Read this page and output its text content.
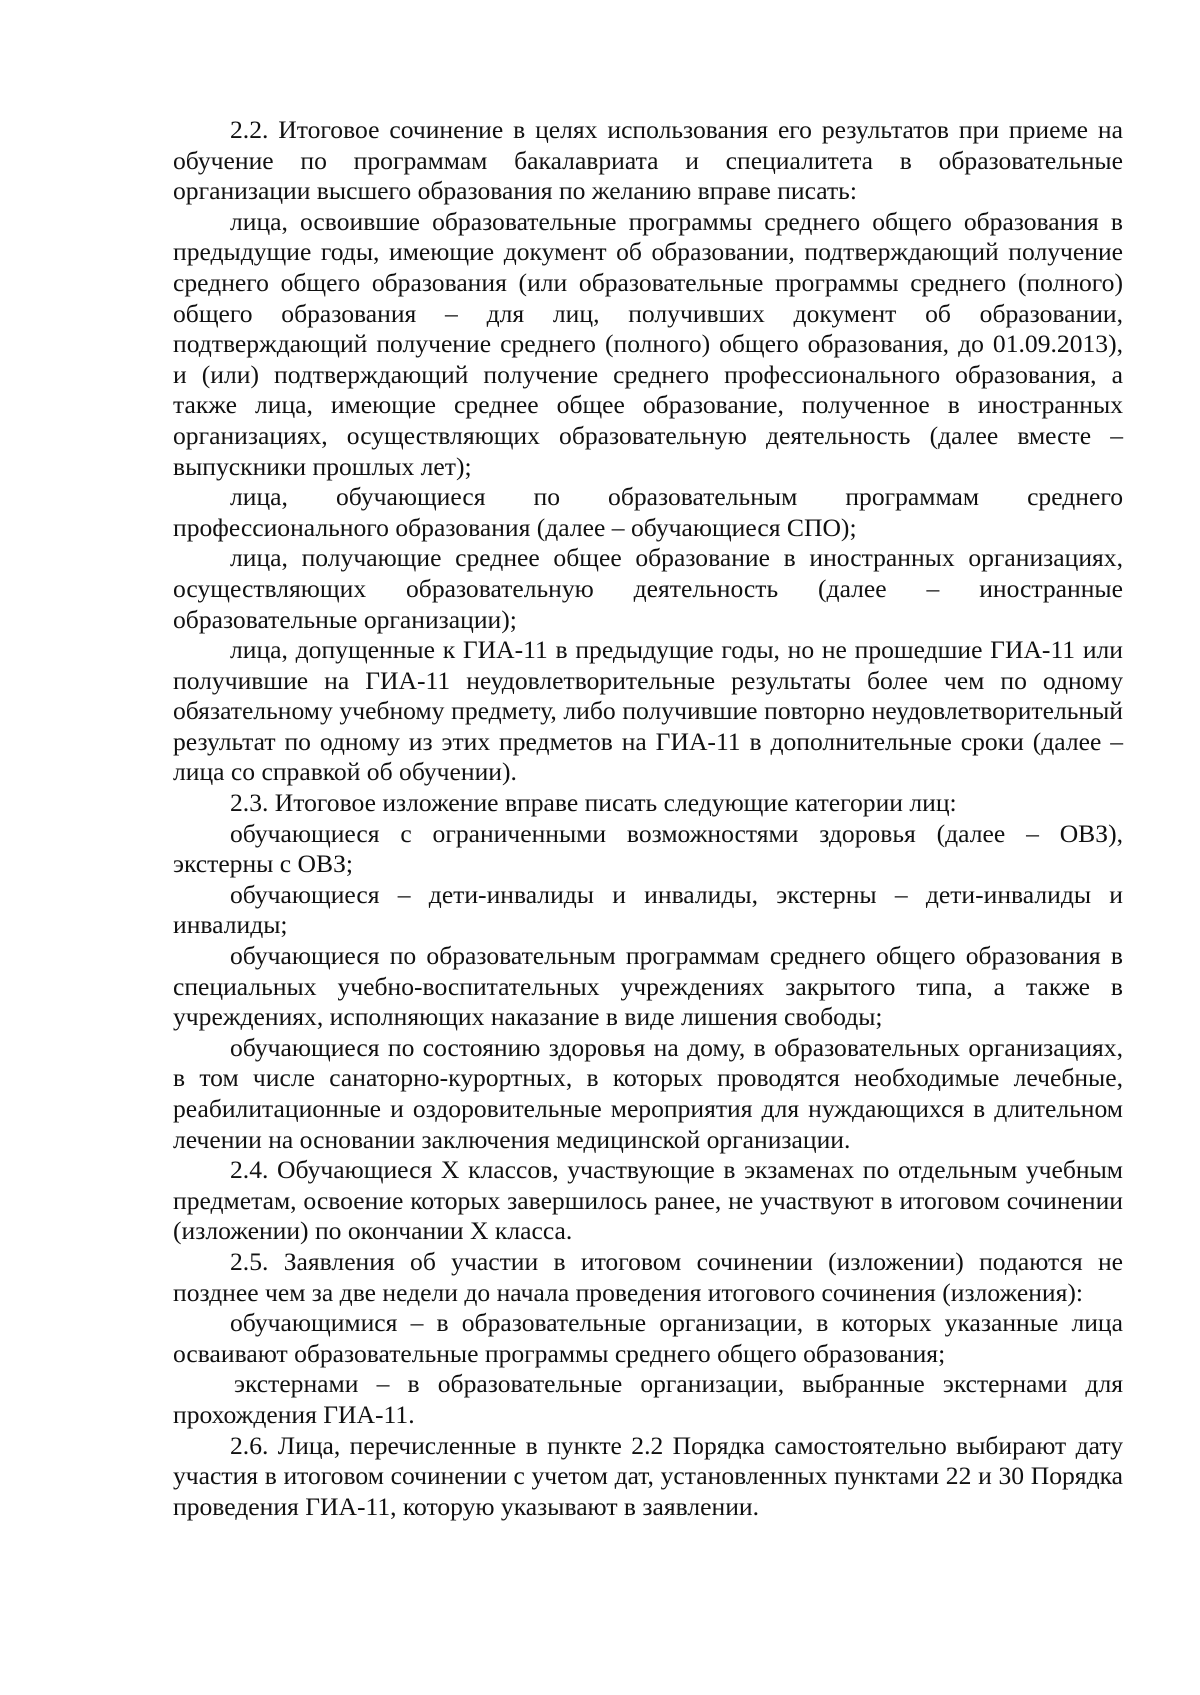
2.2. Итоговое сочинение в целях использования его результатов при приеме на обучение по программам бакалавриата и специалитета в образовательные организации высшего образования по желанию вправе писать:

лица, освоившие образовательные программы среднего общего образования в предыдущие годы, имеющие документ об образовании, подтверждающий получение среднего общего образования (или образовательные программы среднего (полного) общего образования – для лиц, получивших документ об образовании, подтверждающий получение среднего (полного) общего образования, до 01.09.2013), и (или) подтверждающий получение среднего профессионального образования, а также лица, имеющие среднее общее образование, полученное в иностранных организациях, осуществляющих образовательную деятельность (далее вместе – выпускники прошлых лет);

лица, обучающиеся по образовательным программам среднего профессионального образования (далее – обучающиеся СПО);

лица, получающие среднее общее образование в иностранных организациях, осуществляющих образовательную деятельность (далее – иностранные образовательные организации);

лица, допущенные к ГИА-11 в предыдущие годы, но не прошедшие ГИА-11 или получившие на ГИА-11 неудовлетворительные результаты более чем по одному обязательному учебному предмету, либо получившие повторно неудовлетворительный результат по одному из этих предметов на ГИА-11 в дополнительные сроки (далее – лица со справкой об обучении).

2.3. Итоговое изложение вправе писать следующие категории лиц:

обучающиеся с ограниченными возможностями здоровья (далее – ОВЗ), экстерны с ОВЗ;

обучающиеся – дети-инвалиды и инвалиды, экстерны – дети-инвалиды и инвалиды;

обучающиеся по образовательным программам среднего общего образования в специальных учебно-воспитательных учреждениях закрытого типа, а также в учреждениях, исполняющих наказание в виде лишения свободы;

обучающиеся по состоянию здоровья на дому, в образовательных организациях, в том числе санаторно-курортных, в которых проводятся необходимые лечебные, реабилитационные и оздоровительные мероприятия для нуждающихся в длительном лечении на основании заключения медицинской организации.

2.4. Обучающиеся Х классов, участвующие в экзаменах по отдельным учебным предметам, освоение которых завершилось ранее, не участвуют в итоговом сочинении (изложении) по окончании Х класса.

2.5. Заявления об участии в итоговом сочинении (изложении) подаются не позднее чем за две недели до начала проведения итогового сочинения (изложения):

обучающимися – в образовательные организации, в которых указанные лица осваивают образовательные программы среднего общего образования;

экстернами – в образовательные организации, выбранные экстернами для прохождения ГИА-11.

2.6. Лица, перечисленные в пункте 2.2 Порядка самостоятельно выбирают дату участия в итоговом сочинении с учетом дат, установленных пунктами 22 и 30 Порядка проведения ГИА-11, которую указывают в заявлении.
